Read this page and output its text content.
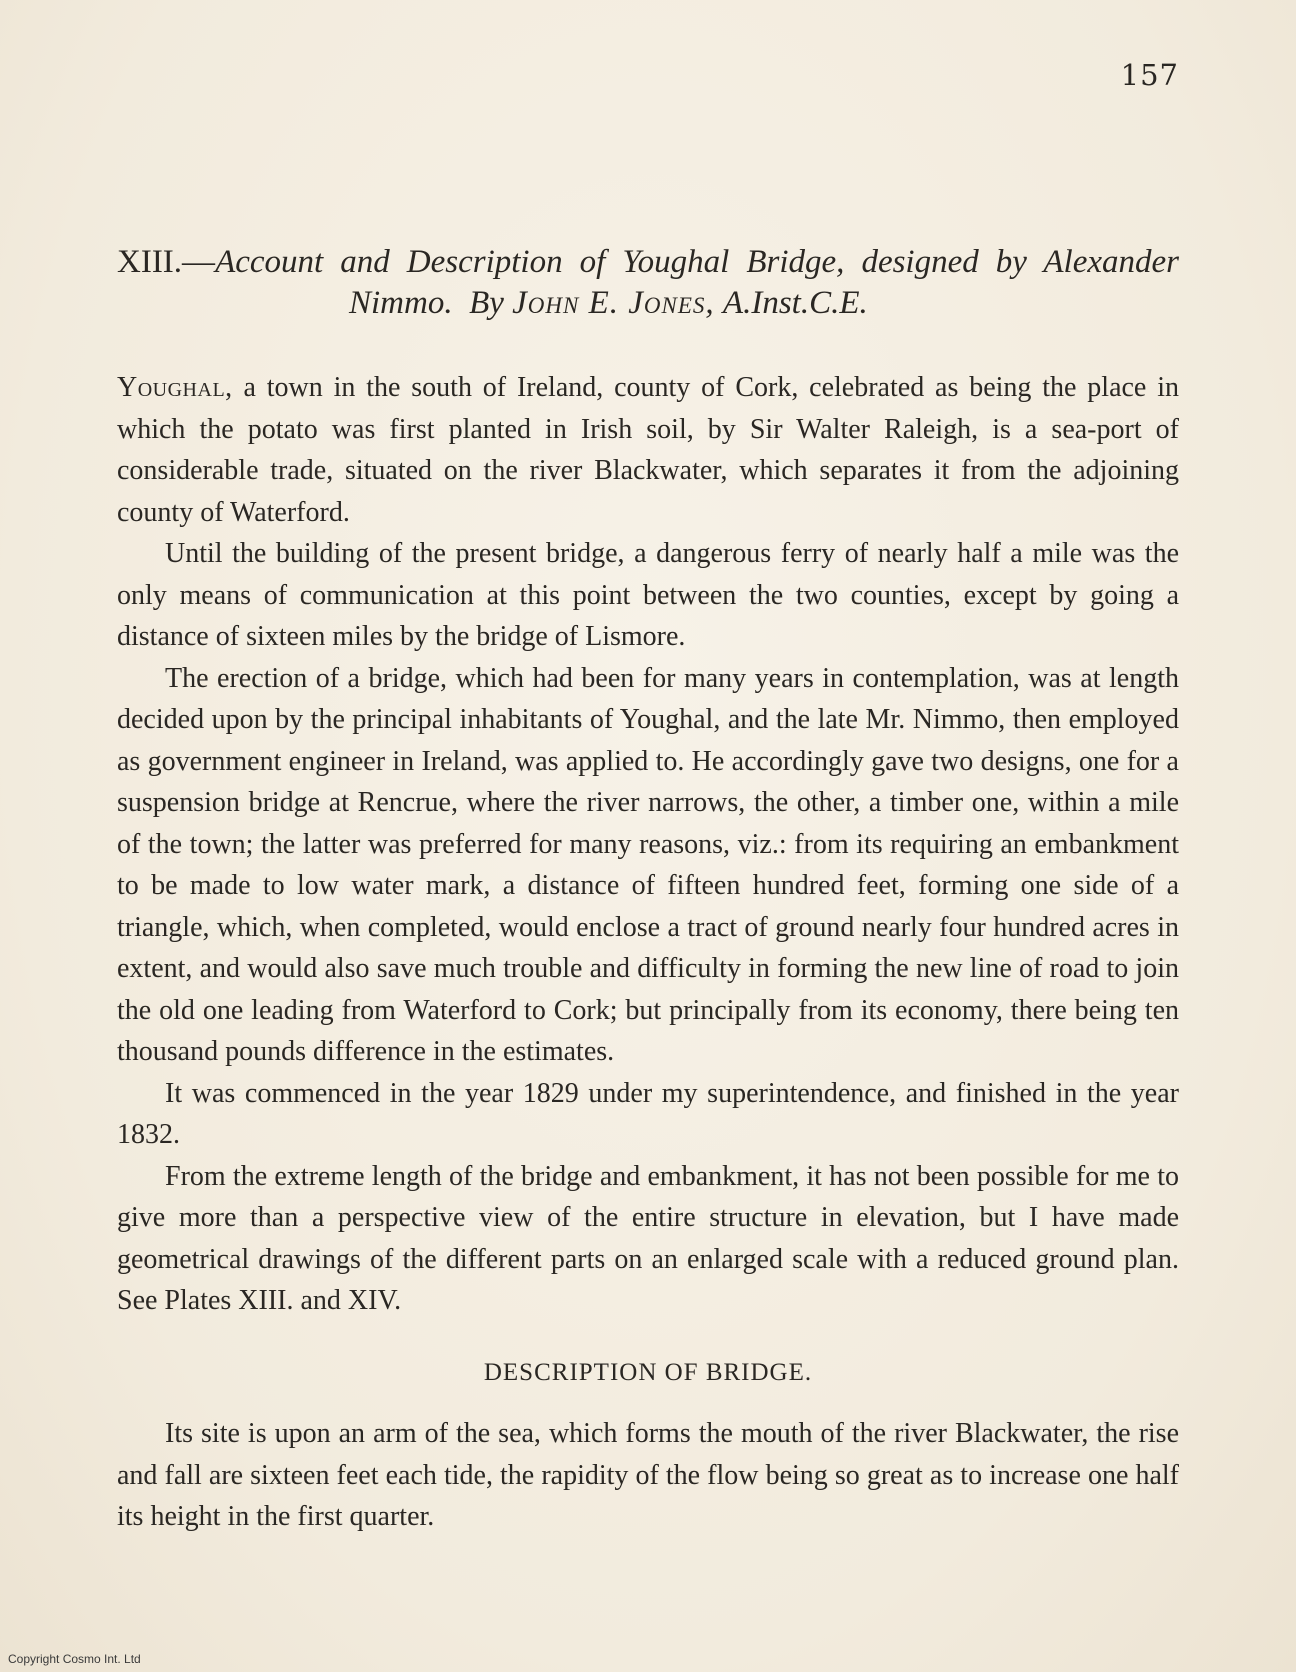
157
XIII.—Account and Description of Youghal Bridge, designed by Alexander
Nimmo. By John E. Jones, A.Inst.C.E.

Youghal, a town in the south of Ireland, county of Cork, celebrated as being the place in which the potato was first planted in Irish soil, by Sir Walter Raleigh, is a sea-port of considerable trade, situated on the river Blackwater, which separates it from the adjoining county of Waterford.

Until the building of the present bridge, a dangerous ferry of nearly half a mile was the only means of communication at this point between the two counties, except by going a distance of sixteen miles by the bridge of Lismore.

The erection of a bridge, which had been for many years in contemplation, was at length decided upon by the principal inhabitants of Youghal, and the late Mr. Nimmo, then employed as government engineer in Ireland, was applied to. He accordingly gave two designs, one for a suspension bridge at Rencrue, where the river narrows, the other, a timber one, within a mile of the town; the latter was preferred for many reasons, viz.: from its requiring an embankment to be made to low water mark, a distance of fifteen hundred feet, forming one side of a triangle, which, when completed, would enclose a tract of ground nearly four hundred acres in extent, and would also save much trouble and difficulty in forming the new line of road to join the old one leading from Waterford to Cork; but principally from its economy, there being ten thousand pounds difference in the estimates.

It was commenced in the year 1829 under my superintendence, and finished in the year 1832.

From the extreme length of the bridge and embankment, it has not been possible for me to give more than a perspective view of the entire structure in elevation, but I have made geometrical drawings of the different parts on an enlarged scale with a reduced ground plan. See Plates XIII. and XIV.

DESCRIPTION OF BRIDGE.

Its site is upon an arm of the sea, which forms the mouth of the river Blackwater, the rise and fall are sixteen feet each tide, the rapidity of the flow being so great as to increase one half its height in the first quarter.

Copyright Cosmo Int. Ltd
